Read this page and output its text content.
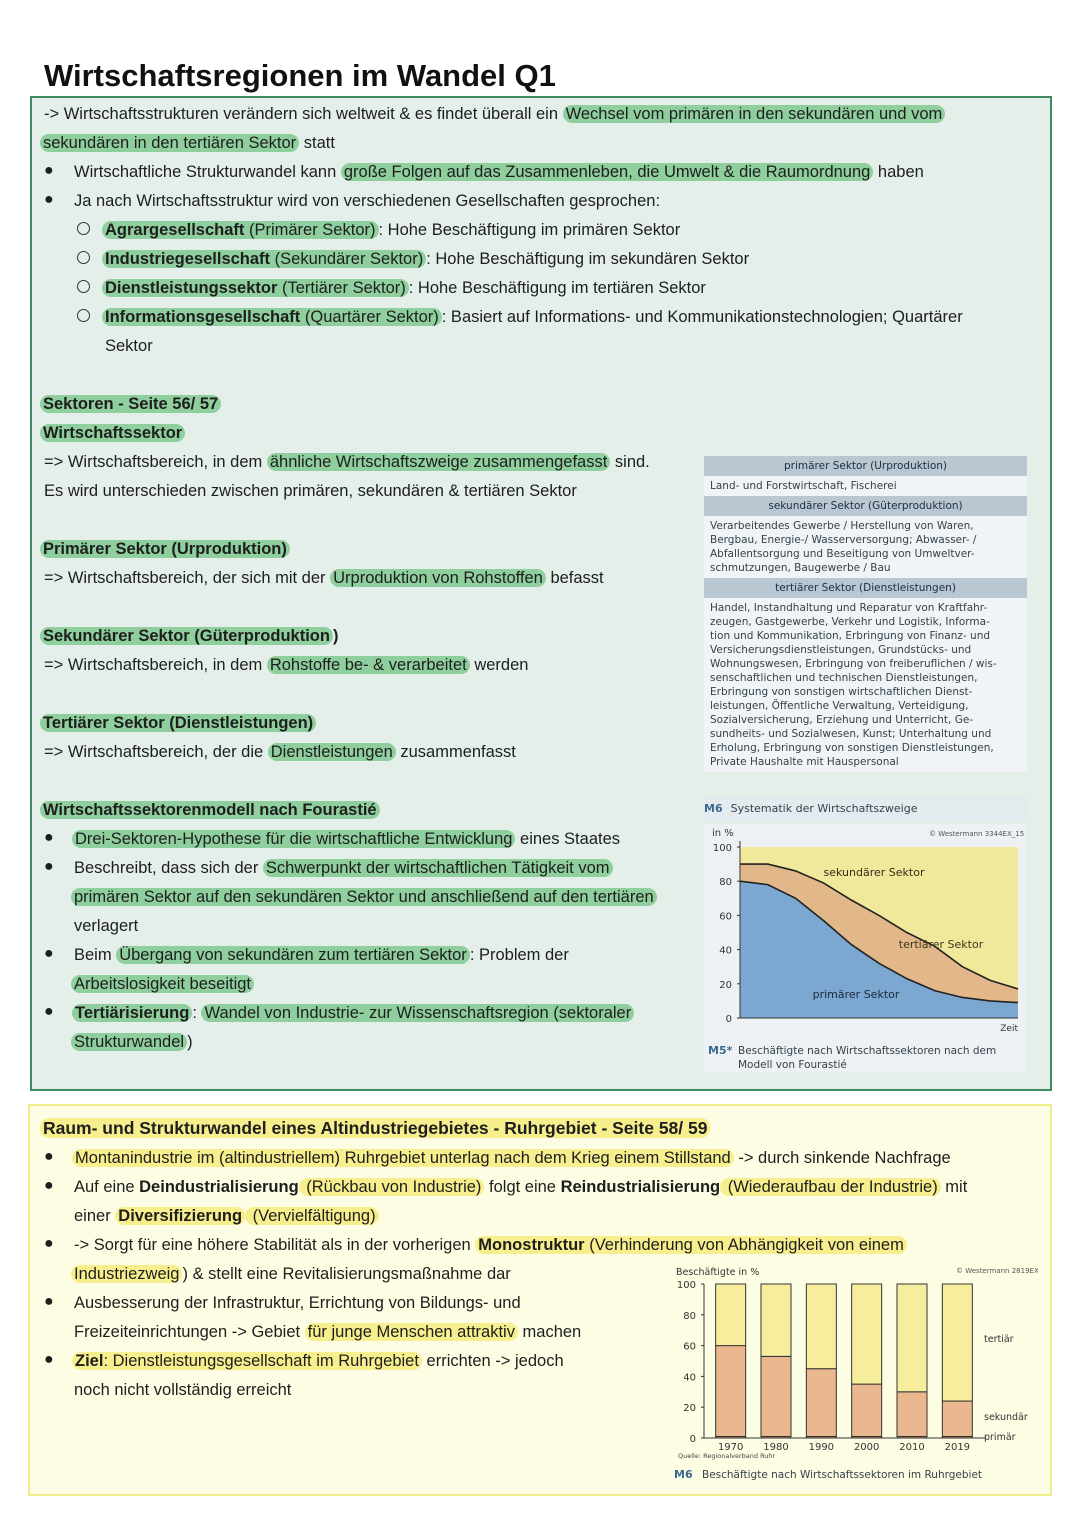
Wirtschaftsregionen im Wandel Q1
-> Wirtschaftsstrukturen verändern sich weltweit & es findet überall ein Wechsel vom primären in den sekundären und vom
sekundären in den tertiären Sektor statt
● Wirtschaftliche Strukturwandel kann große Folgen auf das Zusammenleben, die Umwelt & die Raumordnung haben
● Ja nach Wirtschaftsstruktur wird von verschiedenen Gesellschaften gesprochen:
Agrargesellschaft (Primärer Sektor) : Hohe Beschäftigung im primären Sektor
Industriegesellschaft (Sekundärer Sektor) : Hohe Beschäftigung im sekundären Sektor
Dienstleistungssektor (Tertiärer Sektor) : Hohe Beschäftigung im tertiären Sektor
Informationsgesellschaft (Quartärer Sektor) : Basiert auf Informations- und Kommunikationstechnologien; Quartärer
Sektor
Sektoren - Seite 56/ 57
Wirtschaftssektor
=> Wirtschaftsbereich, in dem ähnliche Wirtschaftszweige zusammengefasst sind.
Es wird unterschieden zwischen primären, sekundären & tertiären Sektor
Primärer Sektor (Urproduktion)
=> Wirtschaftsbereich, der sich mit der Urproduktion von Rohstoffen befasst
Sekundärer Sektor (Güterproduktion )
=> Wirtschaftsbereich, in dem Rohstoffe be- & verarbeitet werden
Tertiärer Sektor (Dienstleistungen)
=> Wirtschaftsbereich, der die Dienstleistungen zusammenfasst
Wirtschaftssektorenmodell nach Fourastié
● Drei-Sektoren-Hypothese für die wirtschaftliche Entwicklung eines Staates
● Beschreibt, dass sich der Schwerpunkt der wirtschaftlichen Tätigkeit vom
primären Sektor auf den sekundären Sektor und anschließend auf den tertiären
verlagert
● Beim Übergang von sekundären zum tertiären Sektor : Problem der
Arbeitslosigkeit beseitigt
● Tertiärisierung : Wandel von Industrie- zur Wissenschaftsregion (sektoraler
Strukturwandel )
primärer Sektor (Urproduktion)
Land- und Forstwirtschaft, Fischerei
sekundärer Sektor (Güterproduktion)
Verarbeitendes Gewerbe / Herstellung von Waren,
Bergbau, Energie-/ Wasserversorgung; Abwasser- /
Abfallentsorgung und Beseitigung von Umweltver-
schmutzungen, Baugewerbe / Bau
tertiärer Sektor (Dienstleistungen)
Handel, Instandhaltung und Reparatur von Kraftfahr-
zeugen, Gastgewerbe, Verkehr und Logistik, Informa-
tion und Kommunikation, Erbringung von Finanz- und
Versicherungsdienstleistungen, Grundstücks- und
Wohnungswesen, Erbringung von freiberuflichen / wis-
senschaftlichen und technischen Dienstleistungen,
Erbringung von sonstigen wirtschaftlichen Dienst-
leistungen, Öffentliche Verwaltung, Verteidigung,
Sozialversicherung, Erziehung und Unterricht, Ge-
sundheits- und Sozialwesen, Kunst; Unterhaltung und
Erholung, Erbringung von sonstigen Dienstleistungen,
Private Haushalte mit Hauspersonal
M6 Systematik der Wirtschaftszweige
in %
100
80
60
40
20
0
© Westermann 3344EX_15
Zeit
sekundärer Sektor
tertiärer Sektor
primärer Sektor
M5* Beschäftigte nach Wirtschaftssektoren nach dem
Modell von Fourastié
Raum- und Strukturwandel eines Altindustriegebietes - Ruhrgebiet - Seite 58/ 59
● Montanindustrie im (altindustriellem) Ruhrgebiet unterlag nach dem Krieg einem Stillstand -> durch sinkende Nachfrage
● Auf eine Deindustrialisierung (Rückbau von Industrie) folgt eine Reindustrialisierung (Wiederaufbau der Industrie) mit
einer Diversifizierung (Vervielfältigung)
● -> Sorgt für eine höhere Stabilität als in der vorherigen Monostruktur (Verhinderung von Abhängigkeit von einem
Industriezweig ) & stellt eine Revitalisierungsmaßnahme dar
● Ausbesserung der Infrastruktur, Errichtung von Bildungs- und
Freizeiteinrichtungen -> Gebiet für junge Menschen attraktiv machen
● Ziel: Dienstleistungsgesellschaft im Ruhrgebiet errichten -> jedoch
noch nicht vollständig erreicht
Beschäftigte in %	© Westermann 2819EX_9
100
80
60
40
20
0
1970 1980 1990 2000 2010 2019
tertiär
sekundär
primär
Quelle: Regionalverband Ruhr
M6 Beschäftigte nach Wirtschaftssektoren im Ruhrgebiet
